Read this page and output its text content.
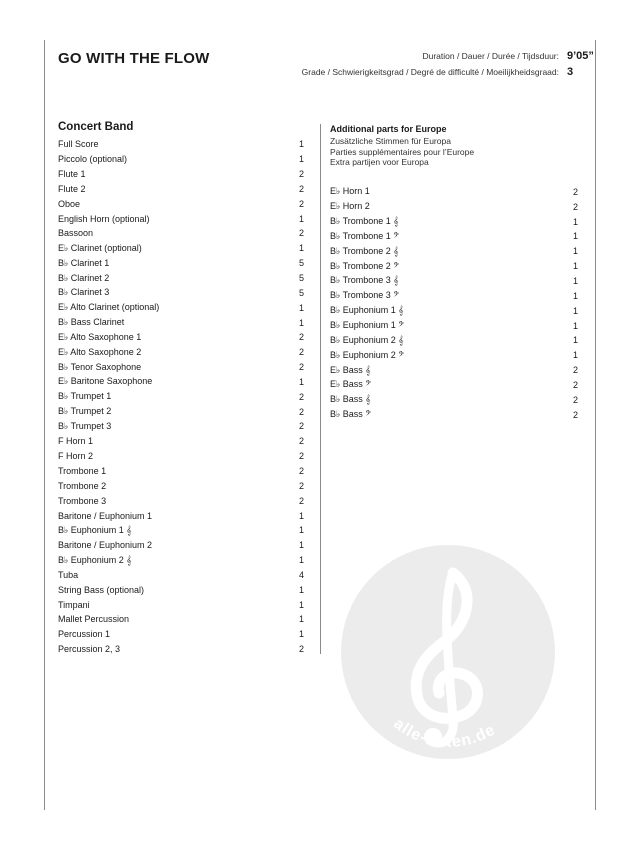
GO WITH THE FLOW	Duration / Dauer / Durée / Tijdsduur: 9’05”
Grade / Schwierigkeitsgrad / Degré de difficulté / Moeilijkheidsgraad: 3
Concert Band
Full Score	1
Piccolo (optional)	1
Flute 1	2
Flute 2	2
Oboe	2
English Horn (optional)	1
Bassoon	2
E♭ Clarinet (optional)	1
B♭ Clarinet 1	5
B♭ Clarinet 2	5
B♭ Clarinet 3	5
E♭ Alto Clarinet (optional)	1
B♭ Bass Clarinet	1
E♭ Alto Saxophone 1	2
E♭ Alto Saxophone 2	2
B♭ Tenor Saxophone	2
E♭ Baritone Saxophone	1
B♭ Trumpet 1	2
B♭ Trumpet 2	2
B♭ Trumpet 3	2
F Horn 1	2
F Horn 2	2
Trombone 1	2
Trombone 2	2
Trombone 3	2
Baritone / Euphonium 1	1
B♭ Euphonium 1 𝄞	1
Baritone / Euphonium 2	1
B♭ Euphonium 2 𝄞	1
Tuba	4
String Bass (optional)	1
Timpani	1
Mallet Percussion	1
Percussion 1	1
Percussion 2, 3	2
Additional parts for Europe
Zusätzliche Stimmen für Europa
Parties supplémentaires pour l’Europe
Extra partijen voor Europa
E♭ Horn 1	2
E♭ Horn 2	2
B♭ Trombone 1 𝄞	1
B♭ Trombone 1 𝄢	1
B♭ Trombone 2 𝄞	1
B♭ Trombone 2 𝄢	1
B♭ Trombone 3 𝄞	1
B♭ Trombone 3 𝄢	1
B♭ Euphonium 1 𝄞	1
B♭ Euphonium 1 𝄢	1
B♭ Euphonium 2 𝄞	1
B♭ Euphonium 2 𝄢	1
E♭ Bass 𝄞	2
E♭ Bass 𝄢	2
B♭ Bass 𝄞	2
B♭ Bass 𝄢	2
alle-noten.de
